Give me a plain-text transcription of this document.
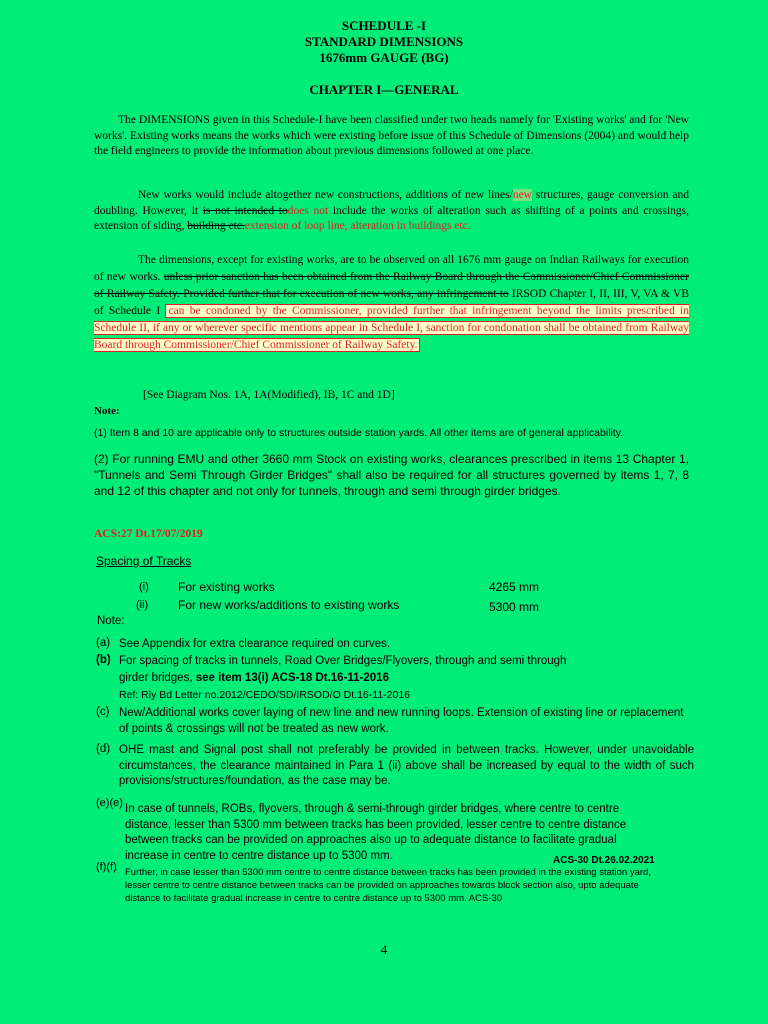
SCHEDULE -I
STANDARD DIMENSIONS
1676mm GAUGE (BG)
CHAPTER I—GENERAL
The DIMENSIONS given in this Schedule-I have been classified under two heads namely for 'Existing works' and for 'New works'. Existing works means the works which were existing before issue of this Schedule of Dimensions (2004) and would help the field engineers to provide the information about previous dimensions followed at one place.
New works would include altogether new constructions, additions of new lines/new structures, gauge conversion and doubling. However, it is not intended todoes not include the works of alteration such as shifting of a points and crossings, extension of siding, building etc.extension of loop line, alteration in buildings etc.
The dimensions, except for existing works, are to be observed on all 1676 mm gauge on Indian Railways for execution of new works. unless prior sanction has been obtained from the Railway Board through the Commissioner/Chief Commissioner of Railway Safety. Provided further that for execution of new works, any infringement to IRSOD Chapter I, II, III, V, VA & VB of Schedule I can be condoned by the Commissioner, provided further that infringement beyond the limits prescribed in Schedule II, if any or wherever specific mentions appear in Schedule I, sanction for condonation shall be obtained from Railway Board through Commissioner/Chief Commissioner of Railway Safety.
[See Diagram Nos. 1A, 1A(Modified), IB, 1C and 1D]
Note:
(1) Item 8 and 10 are applicable only to structures outside station yards. All other items are of general applicability.
(2) For running EMU and other 3660 mm Stock on existing works, clearances prescribed in items 13 Chapter 1, "Tunnels and Semi Through Girder Bridges" shall also be required for all structures governed by items 1, 7, 8 and 12 of this chapter and not only for tunnels, through and semi through girder bridges.
ACS:27 Dt.17/07/2019
Spacing of Tracks
(i) For existing works	4265 mm
(ii) For new works/additions to existing works	5300 mm
Note:
(a) See Appendix for extra clearance required on curves.
(b) For spacing of tracks in tunnels, Road Over Bridges/Flyovers, through and semi through
girder bridges, see item 13(i) ACS-18 Dt.16-11-2016
Ref: Rly Bd Letter no.2012/CEDO/SD/IRSOD/O Dt.16-11-2016
(c) New/Additional works cover laying of new line and new running loops. Extension of existing line or replacement of points & crossings will not be treated as new work.
(d) OHE mast and Signal post shall not preferably be provided in between tracks. However, under unavoidable circumstances, the clearance maintained in Para 1 (ii) above shall be increased by equal to the width of such provisions/structures/foundation, as the case may be.
(e)(e) In case of tunnels, ROBs, flyovers, through & semi-through girder bridges, where centre to centre distance, lesser than 5300 mm between tracks has been provided, lesser centre to centre distance between tracks can be provided on approaches also up to adequate distance to facilitate gradual increase in centre to centre distance up to 5300 mm.	ACS-30 Dt.26.02.2021
(f)(f) Further, in case lesser than 5300 mm centre to centre distance between tracks has been provided in the existing station yard, lesser centre to centre distance between tracks can be provided on approaches towards block section also, upto adequate distance to facilitate gradual increase in centre to centre distance up to 5300 mm. ACS-30
4
